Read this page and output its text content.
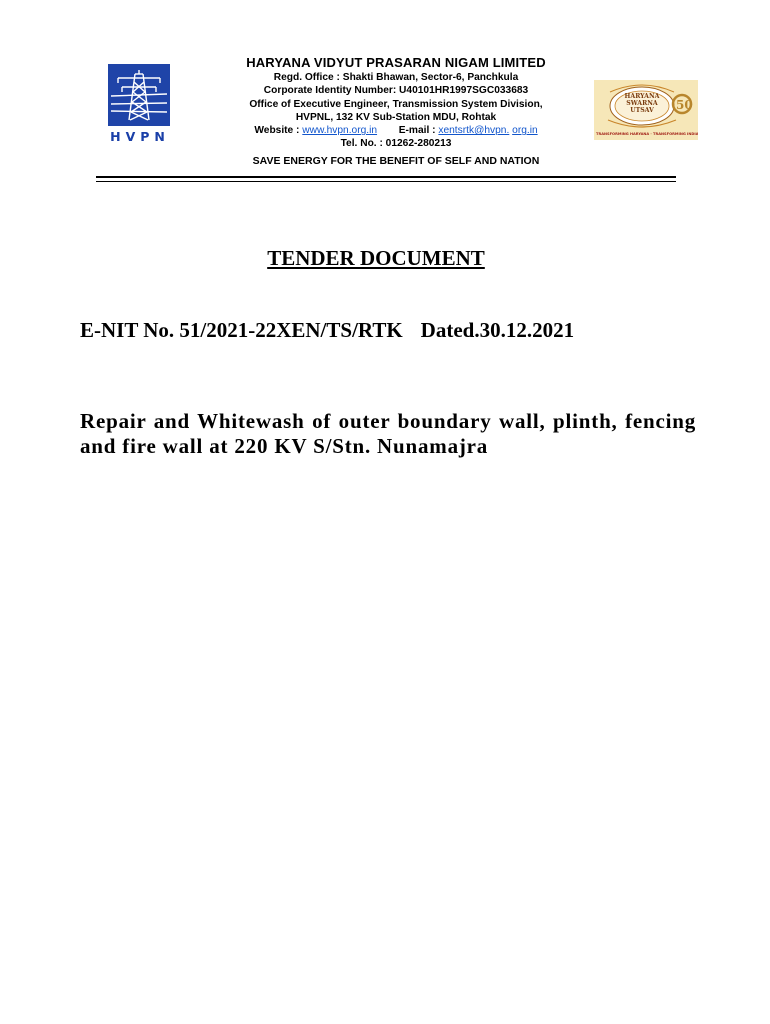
HVPN
HARYANA VIDYUT PRASARAN NIGAM LIMITED
Regd. Office : Shakti Bhawan, Sector-6, Panchkula
Corporate Identity Number: U40101HR1997SGC033683
Office of Executive Engineer, Transmission System Division,
HVPNL, 132 KV Sub-Station MDU, Rohtak
Website : www.hvpn.org.in E-mail : xentsrtk@hvpn. org.in
Tel. No. : 01262-280213
SAVE ENERGY FOR THE BENEFIT OF SELF AND NATION
50
HARYANA SWARNA UTSAV
TRANSFORMING HARYANA · TRANSFORMING INDIA
TENDER DOCUMENT
E-NIT No. 51/2021-22XEN/TS/RTK Dated.30.12.2021
Repair and Whitewash of outer boundary wall, plinth, fencing and fire wall at 220 KV S/Stn. Nunamajra
